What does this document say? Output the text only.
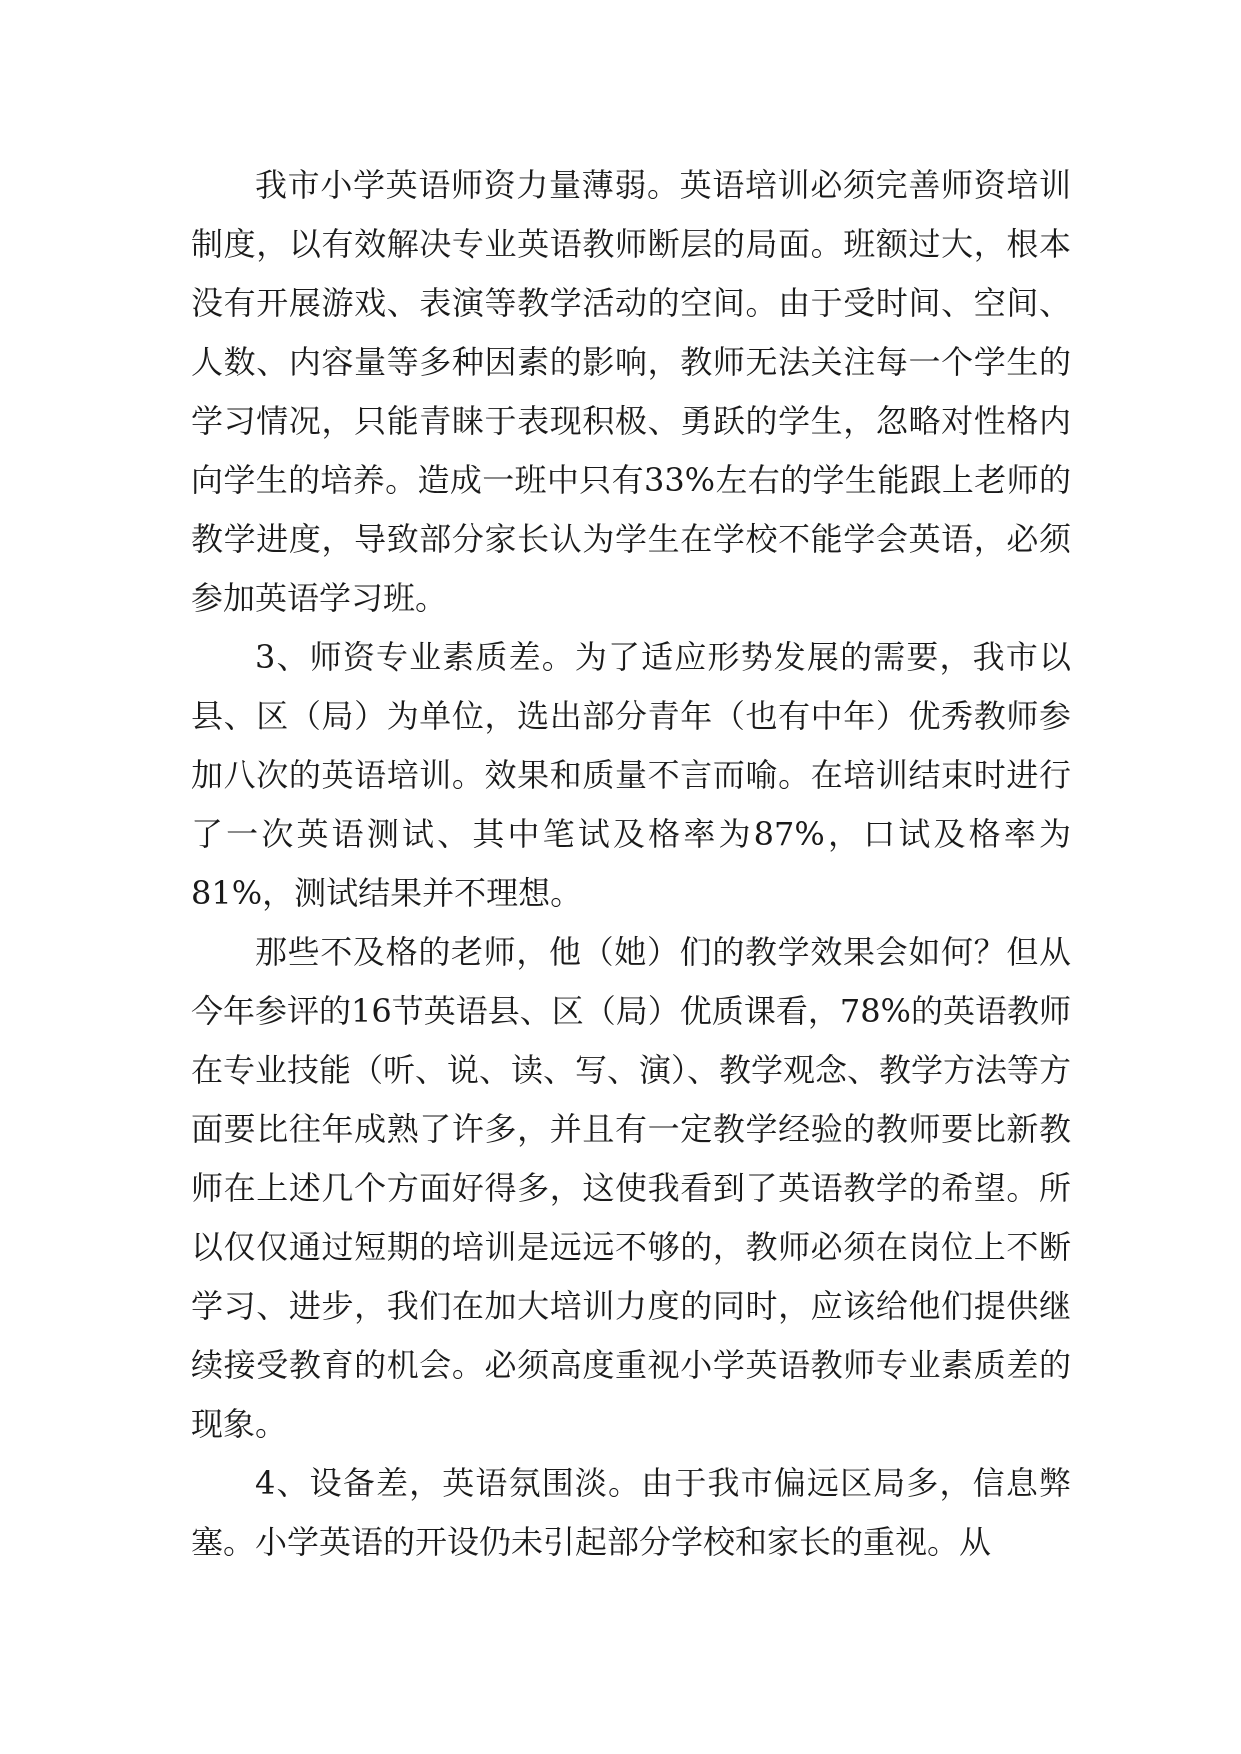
我市小学英语师资力量薄弱。英语培训必须完善师资培训制度，以有效解决专业英语教师断层的局面。班额过大，根本没有开展游戏、表演等教学活动的空间。由于受时间、空间、人数、内容量等多种因素的影响，教师无法关注每一个学生的学习情况，只能青睐于表现积极、勇跃的学生，忽略对性格内向学生的培养。造成一班中只有33%左右的学生能跟上老师的教学进度，导致部分家长认为学生在学校不能学会英语，必须参加英语学习班。

3、师资专业素质差。为了适应形势发展的需要，我市以县、区（局）为单位，选出部分青年（也有中年）优秀教师参加八次的英语培训。效果和质量不言而喻。在培训结束时进行了一次英语测试、其中笔试及格率为87%，口试及格率为81%，测试结果并不理想。

那些不及格的老师，他（她）们的教学效果会如何？但从今年参评的16节英语县、区（局）优质课看，78%的英语教师在专业技能（听、说、读、写、演）、教学观念、教学方法等方面要比往年成熟了许多，并且有一定教学经验的教师要比新教师在上述几个方面好得多，这使我看到了英语教学的希望。所以仅仅通过短期的培训是远远不够的，教师必须在岗位上不断学习、进步，我们在加大培训力度的同时，应该给他们提供继续接受教育的机会。必须高度重视小学英语教师专业素质差的现象。

4、设备差，英语氛围淡。由于我市偏远区局多，信息弊塞。小学英语的开设仍未引起部分学校和家长的重视。从
